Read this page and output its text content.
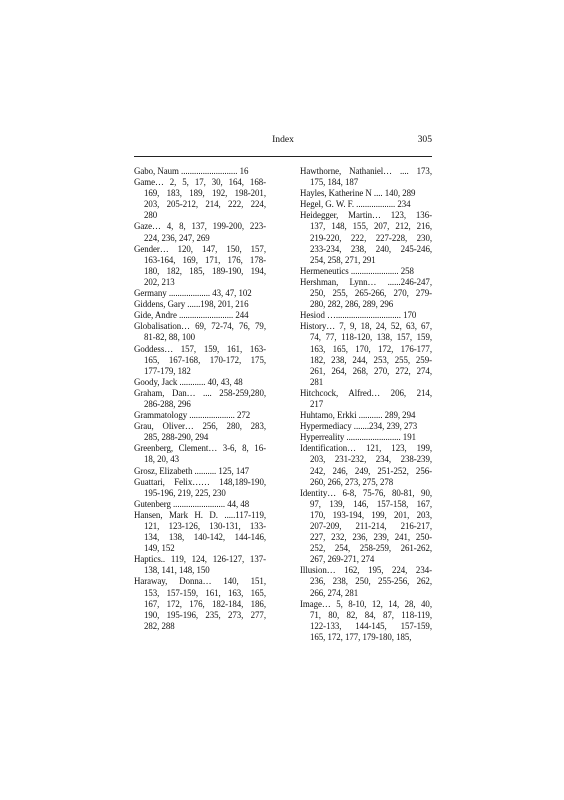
Index	305
Gabo, Naum .......................... 16
Game… 2, 5, 17, 30, 164, 168-
169, 183, 189, 192, 198-201,
203, 205-212, 214, 222, 224,
280
Gaze… 4, 8, 137, 199-200, 223-
224, 236, 247, 269
Gender… 120, 147, 150, 157,
163-164, 169, 171, 176, 178-
180, 182, 185, 189-190, 194,
202, 213
Germany ................... 43, 47, 102
Giddens, Gary ......198, 201, 216
Gide, Andre ......................... 244
Globalisation… 69, 72-74, 76, 79,
81-82, 88, 100
Goddess… 157, 159, 161, 163-
165, 167-168, 170-172, 175,
177-179, 182
Goody, Jack ............ 40, 43, 48
Graham, Dan… .... 258-259,280,
286-288, 296
Grammatology ..................... 272
Grau, Oliver… 256, 280, 283,
285, 288-290, 294
Greenberg, Clement… 3-6, 8, 16-
18, 20, 43
Grosz, Elizabeth .......... 125, 147
Guattari, Felix…… 148,189-190,
195-196, 219, 225, 230
Gutenberg ........................ 44, 48
Hansen, Mark H. D. .....117-119,
121, 123-126, 130-131, 133-
134, 138, 140-142, 144-146,
149, 152
Haptics.. 119, 124, 126-127, 137-
138, 141, 148, 150
Haraway, Donna… 140, 151,
153, 157-159, 161, 163, 165,
167, 172, 176, 182-184, 186,
190, 195-196, 235, 273, 277,
282, 288
Hawthorne, Nathaniel… .... 173,
175, 184, 187
Hayles, Katherine N .... 140, 289
Hegel, G. W. F. .................. 234
Heidegger, Martin… 123, 136-
137, 148, 155, 207, 212, 216,
219-220, 222, 227-228, 230,
233-234, 238, 240, 245-246,
254, 258, 271, 291
Hermeneutics ...................... 258
Hershman, Lynn… ......246-247,
250, 255, 265-266, 270, 279-
280, 282, 286, 289, 296
Hesiod ….............................. 170
History… 7, 9, 18, 24, 52, 63, 67,
74, 77, 118-120, 138, 157, 159,
163, 165, 170, 172, 176-177,
182, 238, 244, 253, 255, 259-
261, 264, 268, 270, 272, 274,
281
Hitchcock, Alfred… 206, 214,
217
Huhtamo, Erkki ........... 289, 294
Hypermediacy .......234, 239, 273
Hyperreality ......................... 191
Identification… 121, 123, 199,
203, 231-232, 234, 238-239,
242, 246, 249, 251-252, 256-
260, 266, 273, 275, 278
Identity… 6-8, 75-76, 80-81, 90,
97, 139, 146, 157-158, 167,
170, 193-194, 199, 201, 203,
207-209, 211-214, 216-217,
227, 232, 236, 239, 241, 250-
252, 254, 258-259, 261-262,
267, 269-271, 274
Illusion… 162, 195, 224, 234-
236, 238, 250, 255-256, 262,
266, 274, 281
Image… 5, 8-10, 12, 14, 28, 40,
71, 80, 82, 84, 87, 118-119,
122-133, 144-145, 157-159,
165, 172, 177, 179-180, 185,
